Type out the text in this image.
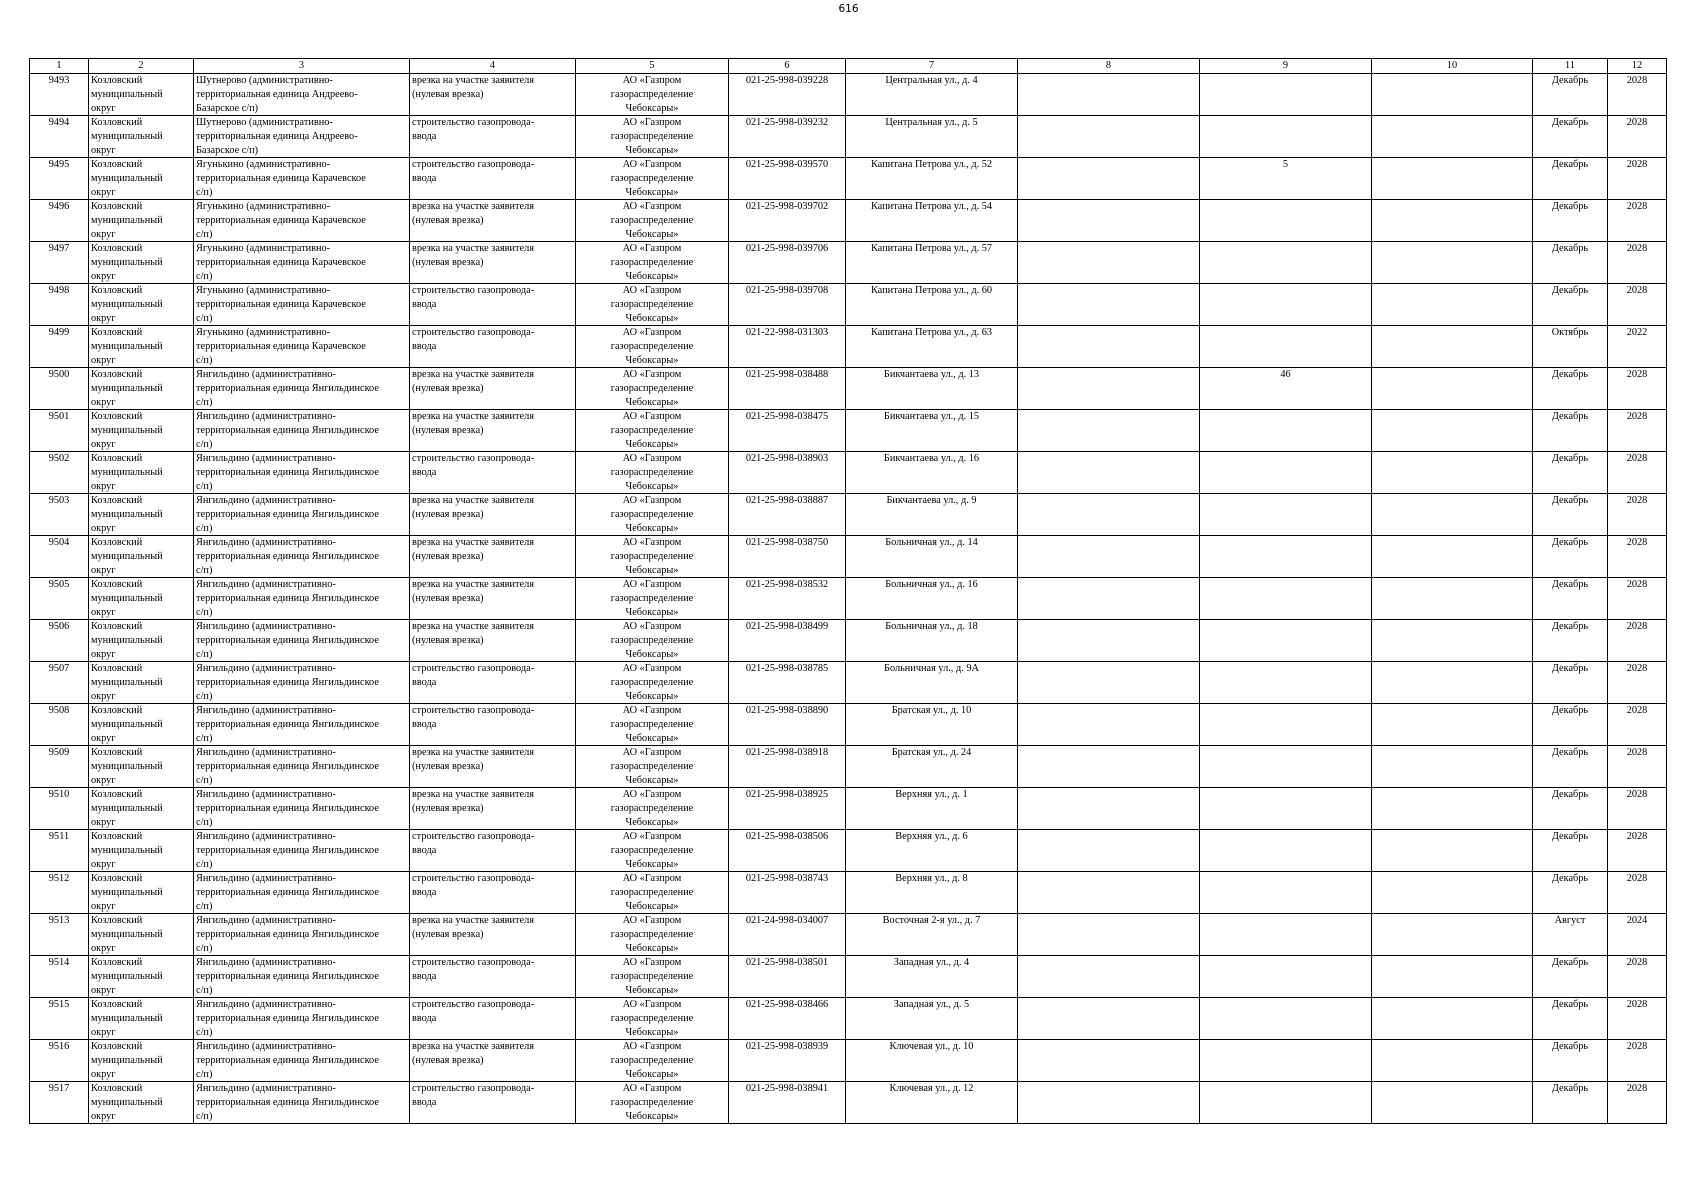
616
1	2	3	4	5	6	7	8	9	10	11	12

9493	Козловский
муниципальный
округ	Шутнерово (административно-
территориальная единица Андреево-
Базарское с/п)	врезка на участке заявителя
(нулевая врезка)	АО «Газпром
газораспределение
Чебоксары»	021-25-998-039228	Центральная ул., д. 4				Декабрь	2028

9494	Козловский
муниципальный
округ	Шутнерово (административно-
территориальная единица Андреево-
Базарское с/п)	строительство газопровода-
ввода	АО «Газпром
газораспределение
Чебоксары»	021-25-998-039232	Центральная ул., д. 5				Декабрь	2028

9495	Козловский
муниципальный
округ	Ягунькино (административно-
территориальная единица Карачевское
с/п)	строительство газопровода-
ввода	АО «Газпром
газораспределение
Чебоксары»	021-25-998-039570	Капитана Петрова ул., д. 52		5		Декабрь	2028

9496	Козловский
муниципальный
округ	Ягунькино (административно-
территориальная единица Карачевское
с/п)	врезка на участке заявителя
(нулевая врезка)	АО «Газпром
газораспределение
Чебоксары»	021-25-998-039702	Капитана Петрова ул., д. 54				Декабрь	2028

9497	Козловский
муниципальный
округ	Ягунькино (административно-
территориальная единица Карачевское
с/п)	врезка на участке заявителя
(нулевая врезка)	АО «Газпром
газораспределение
Чебоксары»	021-25-998-039706	Капитана Петрова ул., д. 57				Декабрь	2028

9498	Козловский
муниципальный
округ	Ягунькино (административно-
территориальная единица Карачевское
с/п)	строительство газопровода-
ввода	АО «Газпром
газораспределение
Чебоксары»	021-25-998-039708	Капитана Петрова ул., д. 60				Декабрь	2028

9499	Козловский
муниципальный
округ	Ягунькино (административно-
территориальная единица Карачевское
с/п)	строительство газопровода-
ввода	АО «Газпром
газораспределение
Чебоксары»	021-22-998-031303	Капитана Петрова ул., д. 63				Октябрь	2022

9500	Козловский
муниципальный
округ	Янгильдино (административно-
территориальная единица Янгильдинское
с/п)	врезка на участке заявителя
(нулевая врезка)	АО «Газпром
газораспределение
Чебоксары»	021-25-998-038488	Бикчантаева ул., д. 13		46		Декабрь	2028

9501	Козловский
муниципальный
округ	Янгильдино (административно-
территориальная единица Янгильдинское
с/п)	врезка на участке заявителя
(нулевая врезка)	АО «Газпром
газораспределение
Чебоксары»	021-25-998-038475	Бикчантаева ул., д. 15				Декабрь	2028

9502	Козловский
муниципальный
округ	Янгильдино (административно-
территориальная единица Янгильдинское
с/п)	строительство газопровода-
ввода	АО «Газпром
газораспределение
Чебоксары»	021-25-998-038903	Бикчантаева ул., д. 16				Декабрь	2028

9503	Козловский
муниципальный
округ	Янгильдино (административно-
территориальная единица Янгильдинское
с/п)	врезка на участке заявителя
(нулевая врезка)	АО «Газпром
газораспределение
Чебоксары»	021-25-998-038887	Бикчантаева ул., д. 9				Декабрь	2028

9504	Козловский
муниципальный
округ	Янгильдино (административно-
территориальная единица Янгильдинское
с/п)	врезка на участке заявителя
(нулевая врезка)	АО «Газпром
газораспределение
Чебоксары»	021-25-998-038750	Больничная ул., д. 14				Декабрь	2028

9505	Козловский
муниципальный
округ	Янгильдино (административно-
территориальная единица Янгильдинское
с/п)	врезка на участке заявителя
(нулевая врезка)	АО «Газпром
газораспределение
Чебоксары»	021-25-998-038532	Больничная ул., д. 16				Декабрь	2028

9506	Козловский
муниципальный
округ	Янгильдино (административно-
территориальная единица Янгильдинское
с/п)	врезка на участке заявителя
(нулевая врезка)	АО «Газпром
газораспределение
Чебоксары»	021-25-998-038499	Больничная ул., д. 18				Декабрь	2028

9507	Козловский
муниципальный
округ	Янгильдино (административно-
территориальная единица Янгильдинское
с/п)	строительство газопровода-
ввода	АО «Газпром
газораспределение
Чебоксары»	021-25-998-038785	Больничная ул., д. 9А				Декабрь	2028

9508	Козловский
муниципальный
округ	Янгильдино (административно-
территориальная единица Янгильдинское
с/п)	строительство газопровода-
ввода	АО «Газпром
газораспределение
Чебоксары»	021-25-998-038890	Братская ул., д. 10				Декабрь	2028

9509	Козловский
муниципальный
округ	Янгильдино (административно-
территориальная единица Янгильдинское
с/п)	врезка на участке заявителя
(нулевая врезка)	АО «Газпром
газораспределение
Чебоксары»	021-25-998-038918	Братская ул., д. 24				Декабрь	2028

9510	Козловский
муниципальный
округ	Янгильдино (административно-
территориальная единица Янгильдинское
с/п)	врезка на участке заявителя
(нулевая врезка)	АО «Газпром
газораспределение
Чебоксары»	021-25-998-038925	Верхняя ул., д. 1				Декабрь	2028

9511	Козловский
муниципальный
округ	Янгильдино (административно-
территориальная единица Янгильдинское
с/п)	строительство газопровода-
ввода	АО «Газпром
газораспределение
Чебоксары»	021-25-998-038506	Верхняя ул., д. 6				Декабрь	2028

9512	Козловский
муниципальный
округ	Янгильдино (административно-
территориальная единица Янгильдинское
с/п)	строительство газопровода-
ввода	АО «Газпром
газораспределение
Чебоксары»	021-25-998-038743	Верхняя ул., д. 8				Декабрь	2028

9513	Козловский
муниципальный
округ	Янгильдино (административно-
территориальная единица Янгильдинское
с/п)	врезка на участке заявителя
(нулевая врезка)	АО «Газпром
газораспределение
Чебоксары»	021-24-998-034007	Восточная 2-я ул., д. 7				Август	2024

9514	Козловский
муниципальный
округ	Янгильдино (административно-
территориальная единица Янгильдинское
с/п)	строительство газопровода-
ввода	АО «Газпром
газораспределение
Чебоксары»	021-25-998-038501	Западная ул., д. 4				Декабрь	2028

9515	Козловский
муниципальный
округ	Янгильдино (административно-
территориальная единица Янгильдинское
с/п)	строительство газопровода-
ввода	АО «Газпром
газораспределение
Чебоксары»	021-25-998-038466	Западная ул., д. 5				Декабрь	2028

9516	Козловский
муниципальный
округ	Янгильдино (административно-
территориальная единица Янгильдинское
с/п)	врезка на участке заявителя
(нулевая врезка)	АО «Газпром
газораспределение
Чебоксары»	021-25-998-038939	Ключевая ул., д. 10				Декабрь	2028

9517	Козловский
муниципальный
округ	Янгильдино (административно-
территориальная единица Янгильдинское
с/п)	строительство газопровода-
ввода	АО «Газпром
газораспределение
Чебоксары»	021-25-998-038941	Ключевая ул., д. 12				Декабрь	2028
